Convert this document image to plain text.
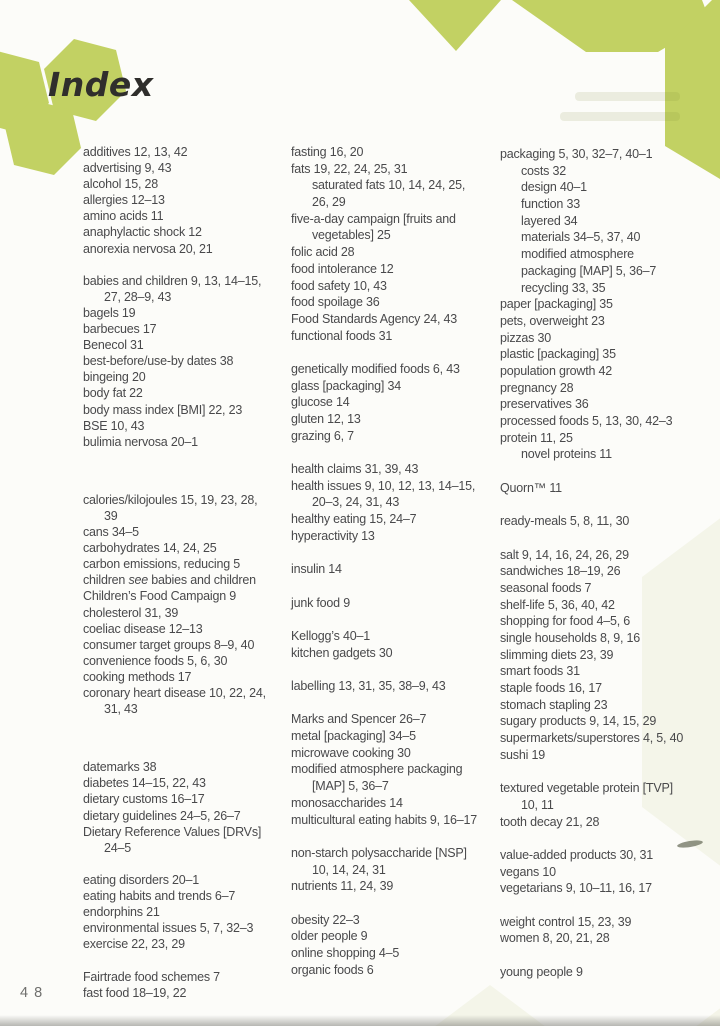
Index
additives 12, 13, 42
advertising 9, 43
alcohol 15, 28
allergies 12–13
amino acids 11
anaphylactic shock 12
anorexia nervosa 20, 21
babies and children 9, 13, 14–15,
27, 28–9, 43
bagels 19
barbecues 17
Benecol 31
best-before/use-by dates 38
bingeing 20
body fat 22
body mass index [BMI] 22, 23
BSE 10, 43
bulimia nervosa 20–1
calories/kilojoules 15, 19, 23, 28,
39
cans 34–5
carbohydrates 14, 24, 25
carbon emissions, reducing 5
children see babies and children
Children’s Food Campaign 9
cholesterol 31, 39
coeliac disease 12–13
consumer target groups 8–9, 40
convenience foods 5, 6, 30
cooking methods 17
coronary heart disease 10, 22, 24,
31, 43
datemarks 38
diabetes 14–15, 22, 43
dietary customs 16–17
dietary guidelines 24–5, 26–7
Dietary Reference Values [DRVs]
24–5
eating disorders 20–1
eating habits and trends 6–7
endorphins 21
environmental issues 5, 7, 32–3
exercise 22, 23, 29
Fairtrade food schemes 7
fast food 18–19, 22
fasting 16, 20
fats 19, 22, 24, 25, 31
saturated fats 10, 14, 24, 25,
26, 29
five-a-day campaign [fruits and
vegetables] 25
folic acid 28
food intolerance 12
food safety 10, 43
food spoilage 36
Food Standards Agency 24, 43
functional foods 31
genetically modified foods 6, 43
glass [packaging] 34
glucose 14
gluten 12, 13
grazing 6, 7
health claims 31, 39, 43
health issues 9, 10, 12, 13, 14–15,
20–3, 24, 31, 43
healthy eating 15, 24–7
hyperactivity 13
insulin 14
junk food 9
Kellogg’s 40–1
kitchen gadgets 30
labelling 13, 31, 35, 38–9, 43
Marks and Spencer 26–7
metal [packaging] 34–5
microwave cooking 30
modified atmosphere packaging
[MAP] 5, 36–7
monosaccharides 14
multicultural eating habits 9, 16–17
non-starch polysaccharide [NSP]
10, 14, 24, 31
nutrients 11, 24, 39
obesity 22–3
older people 9
online shopping 4–5
organic foods 6
packaging 5, 30, 32–7, 40–1
costs 32
design 40–1
function 33
layered 34
materials 34–5, 37, 40
modified atmosphere
packaging [MAP] 5, 36–7
recycling 33, 35
paper [packaging] 35
pets, overweight 23
pizzas 30
plastic [packaging] 35
population growth 42
pregnancy 28
preservatives 36
processed foods 5, 13, 30, 42–3
protein 11, 25
novel proteins 11
Quorn™ 11
ready-meals 5, 8, 11, 30
salt 9, 14, 16, 24, 26, 29
sandwiches 18–19, 26
seasonal foods 7
shelf-life 5, 36, 40, 42
shopping for food 4–5, 6
single households 8, 9, 16
slimming diets 23, 39
smart foods 31
staple foods 16, 17
stomach stapling 23
sugary products 9, 14, 15, 29
supermarkets/superstores 4, 5, 40
sushi 19
textured vegetable protein [TVP]
10, 11
tooth decay 21, 28
value-added products 30, 31
vegans 10
vegetarians 9, 10–11, 16, 17
weight control 15, 23, 39
women 8, 20, 21, 28
young people 9
48
